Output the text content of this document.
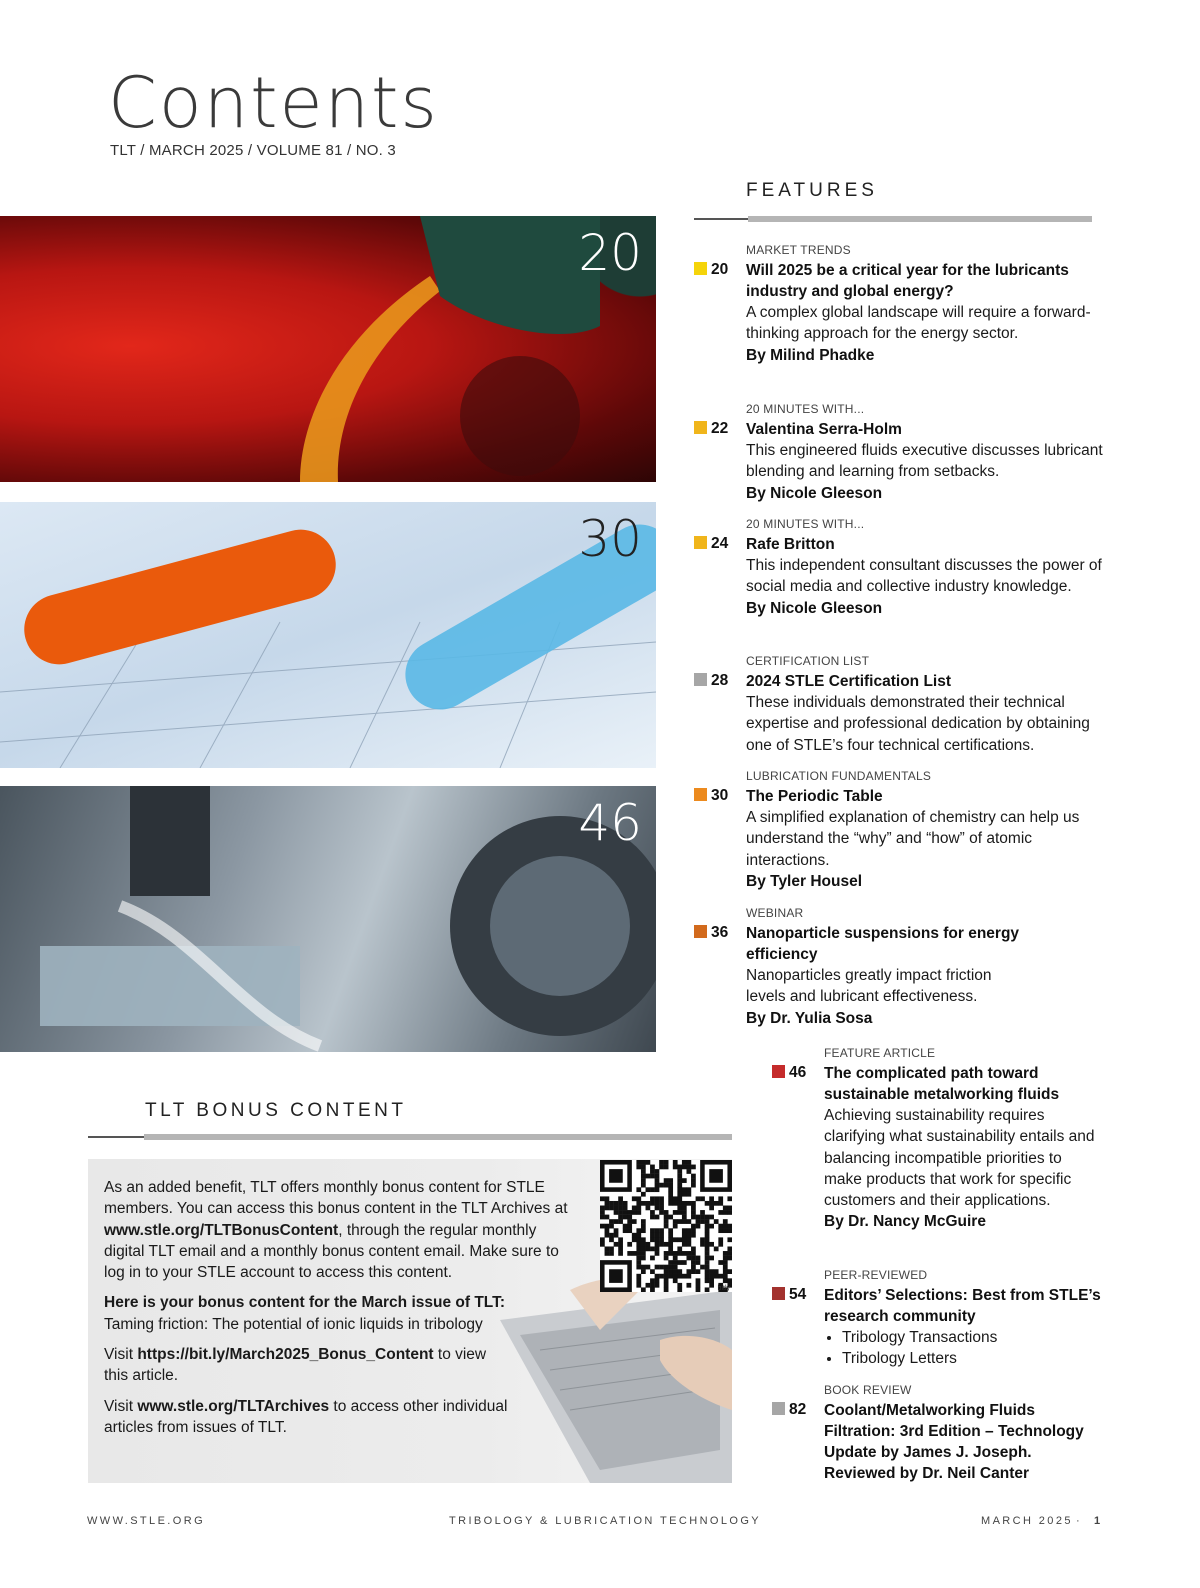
Contents
TLT / MARCH 2025 / VOLUME 81 / NO. 3
20
30
46
FEATURES
20
MARKET TRENDS
Will 2025 be a critical year for the lubricants industry and global energy?
A complex global landscape will require a forward-thinking approach for the energy sector.
By Milind Phadke
22
20 MINUTES WITH...
Valentina Serra-Holm
This engineered fluids executive discusses lubricant blending and learning from setbacks.
By Nicole Gleeson
24
20 MINUTES WITH...
Rafe Britton
This independent consultant discusses the power of social media and collective industry knowledge.
By Nicole Gleeson
28
CERTIFICATION LIST
2024 STLE Certification List
These individuals demonstrated their technical expertise and professional dedication by obtaining one of STLE’s four technical certifications.
30
LUBRICATION FUNDAMENTALS
The Periodic Table
A simplified explanation of chemistry can help us understand the “why” and “how” of atomic interactions.
By Tyler Housel
36
WEBINAR
Nanoparticle suspensions for energy efficiency
Nanoparticles greatly impact friction levels and lubricant effectiveness.
By Dr. Yulia Sosa
46
FEATURE ARTICLE
The complicated path toward sustainable metalworking fluids
Achieving sustainability requires clarifying what sustainability entails and balancing incompatible priorities to make products that work for specific customers and their applications.
By Dr. Nancy McGuire
54
PEER-REVIEWED
Editors’ Selections: Best from STLE’s research community
• Tribology Transactions
• Tribology Letters
82
BOOK REVIEW
Coolant/Metalworking Fluids Filtration: 3rd Edition – Technology Update by James J. Joseph.
Reviewed by Dr. Neil Canter
TLT BONUS CONTENT
bitly

As an added benefit, TLT offers monthly bonus content for STLE members. You can access this bonus content in the TLT Archives at www.stle.org/TLTBonusContent, through the regular monthly digital TLT email and a monthly bonus content email. Make sure to log in to your STLE account to access this content.

Here is your bonus content for the March issue of TLT:
Taming friction: The potential of ionic liquids in tribology

Visit https://bit.ly/March2025_Bonus_Content to view this article.

Visit www.stle.org/TLTArchives to access other individual articles from issues of TLT.

WWW.STLE.ORG	TRIBOLOGY & LUBRICATION TECHNOLOGY	MARCH 2025 · 1
